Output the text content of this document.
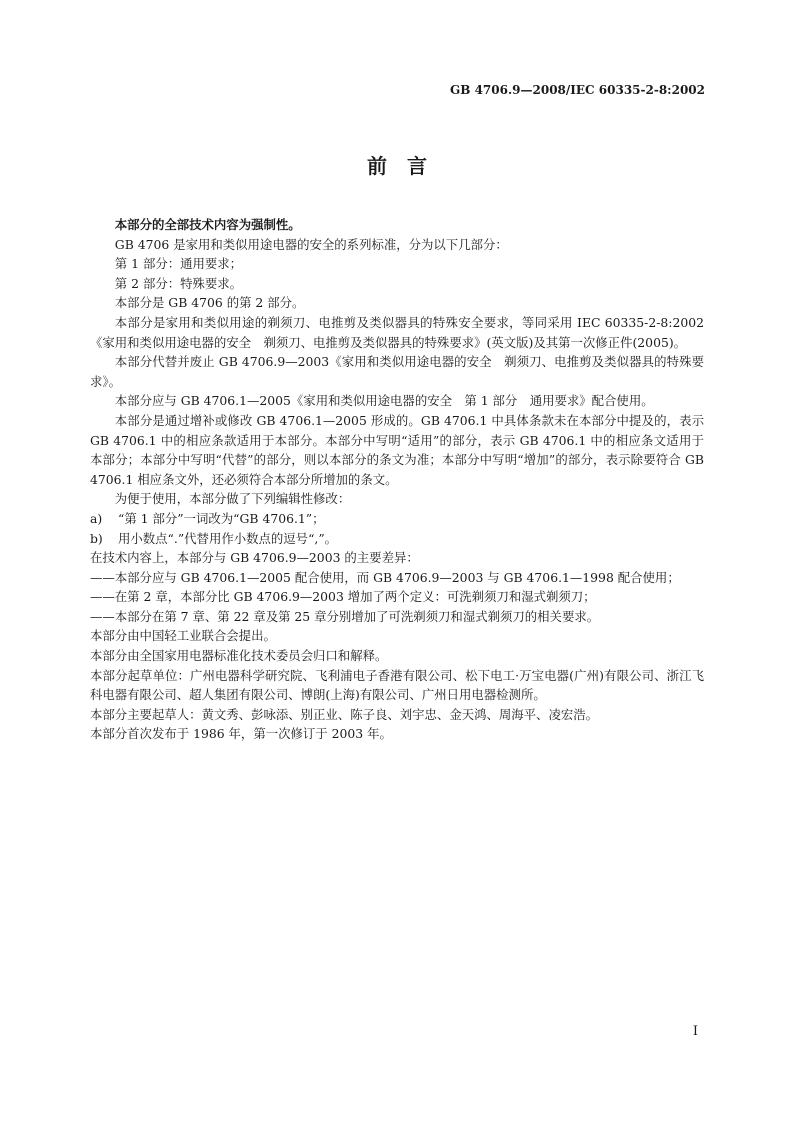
GB 4706.9—2008/IEC 60335-2-8:2002
前　言

本部分的全部技术内容为强制性。

GB 4706 是家用和类似用途电器的安全的系列标准，分为以下几部分：

第 1 部分：通用要求；

第 2 部分：特殊要求。

本部分是 GB 4706 的第 2 部分。

本部分是家用和类似用途的剃须刀、电推剪及类似器具的特殊安全要求，等同采用 IEC 60335-2-8:2002《家用和类似用途电器的安全　剃须刀、电推剪及类似器具的特殊要求》(英文版)及其第一次修正件(2005)。

本部分代替并废止 GB 4706.9—2003《家用和类似用途电器的安全　剃须刀、电推剪及类似器具的特殊要求》。

本部分应与 GB 4706.1—2005《家用和类似用途电器的安全　第 1 部分　通用要求》配合使用。

本部分是通过增补或修改 GB 4706.1—2005 形成的。GB 4706.1 中具体条款未在本部分中提及的，表示 GB 4706.1 中的相应条款适用于本部分。本部分中写明“适用”的部分，表示 GB 4706.1 中的相应条文适用于本部分；本部分中写明“代替”的部分，则以本部分的条文为准；本部分中写明“增加”的部分，表示除要符合 GB 4706.1 相应条文外，还必须符合本部分所增加的条文。

为便于使用，本部分做了下列编辑性修改：

a) “第 1 部分”一词改为“GB 4706.1”；

b) 用小数点“.”代替用作小数点的逗号“,”。

在技术内容上，本部分与 GB 4706.9—2003 的主要差异：

——本部分应与 GB 4706.1—2005 配合使用，而 GB 4706.9—2003 与 GB 4706.1—1998 配合使用；

——在第 2 章，本部分比 GB 4706.9—2003 增加了两个定义：可洗剃须刀和湿式剃须刀；

——本部分在第 7 章、第 22 章及第 25 章分别增加了可洗剃须刀和湿式剃须刀的相关要求。

本部分由中国轻工业联合会提出。

本部分由全国家用电器标准化技术委员会归口和解释。

本部分起草单位：广州电器科学研究院、飞利浦电子香港有限公司、松下电工·万宝电器(广州)有限公司、浙江飞科电器有限公司、超人集团有限公司、博朗(上海)有限公司、广州日用电器检测所。

本部分主要起草人：黄文秀、彭咏添、别正业、陈子良、刘宇忠、金天鸿、周海平、凌宏浩。

本部分首次发布于 1986 年，第一次修订于 2003 年。

I
